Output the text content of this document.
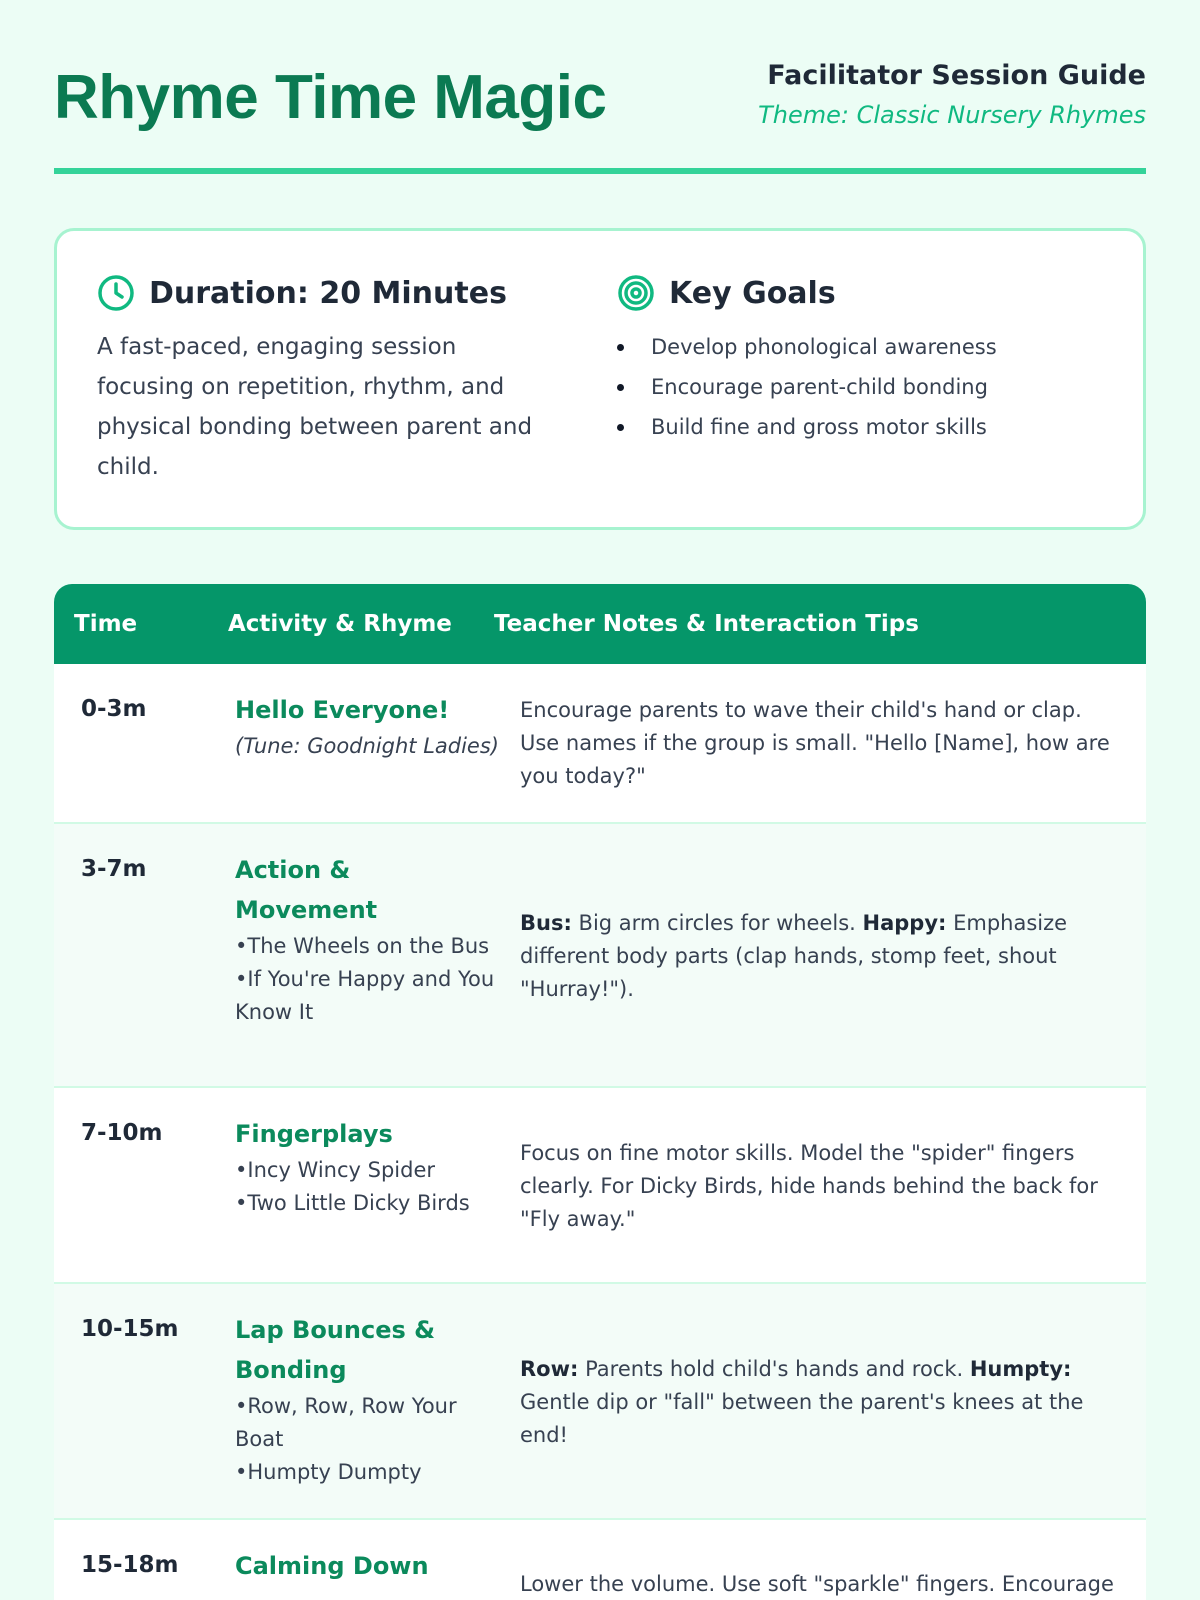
Rhyme Time Magic	Facilitator Session Guide
Theme: Classic Nursery Rhymes
Duration: 20 Minutes

A fast-paced, engaging session focusing on repetition, rhythm, and physical bonding between parent and child.

Key Goals
Develop phonological awareness
Encourage parent-child bonding
Build fine and gross motor skills
Time	Activity & Rhyme	Teacher Notes & Interaction Tips
0-3m	Hello Everyone!
(Tune: Goodnight Ladies)
Encourage parents to wave their child's hand or clap. Use names if the group is small. "Hello [Name], how are you today?"
3-7m	Action & Movement
• The Wheels on the Bus
• If You're Happy and You Know It
Bus: Big arm circles for wheels. Happy: Emphasize different body parts (clap hands, stomp feet, shout "Hurray!").
7-10m	Fingerplays
• Incy Wincy Spider
• Two Little Dicky Birds
Focus on fine motor skills. Model the "spider" fingers clearly. For Dicky Birds, hide hands behind the back for "Fly away."
10-15m	Lap Bounces & Bonding
• Row, Row, Row Your Boat
• Humpty Dumpty
Row: Parents hold child's hands and rock. Humpty: Gentle dip or "fall" between the parent's knees at the end!
15-18m	Calming Down
Lower the volume. Use soft "sparkle" fingers. Encourage
